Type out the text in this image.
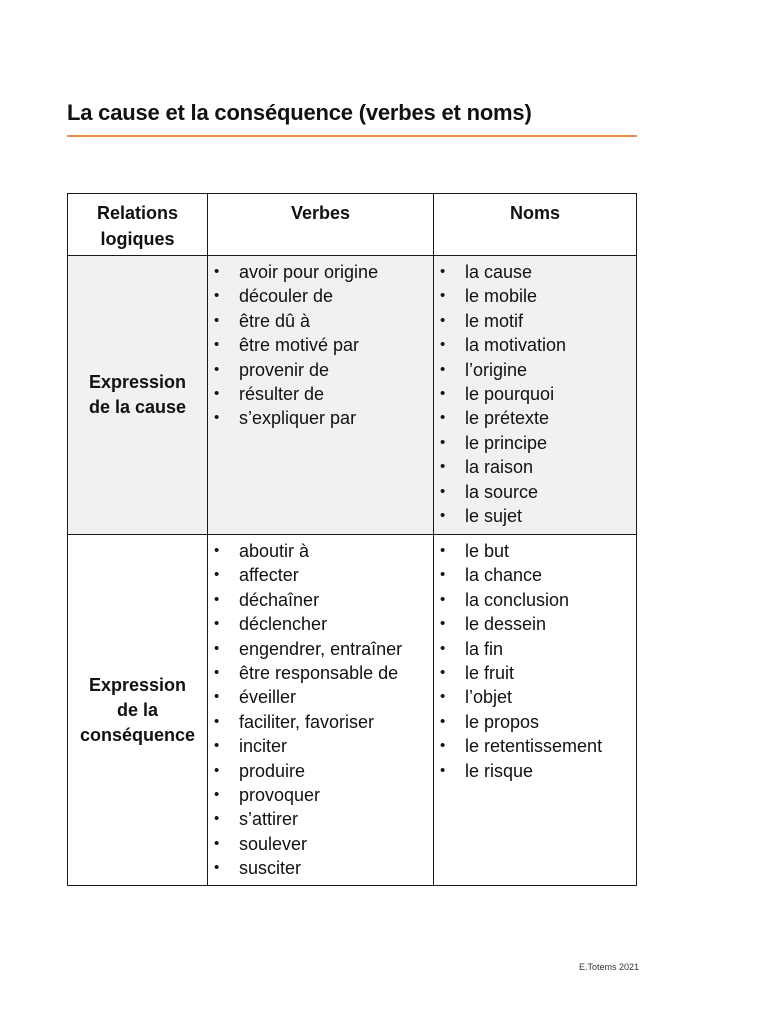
La cause et la conséquence (verbes et noms)
Relations
logiques
Verbes	Noms
Expression
de la cause
• avoir pour origine
• découler de
• être dû à
• être motivé par
• provenir de
• résulter de
• s’expliquer par
• la cause
• le mobile
• le motif
• la motivation
• l’origine
• le pourquoi
• le prétexte
• le principe
• la raison
• la source
• le sujet
Expression
de la
conséquence
• aboutir à
• affecter
• déchaîner
• déclencher
• engendrer, entraîner
• être responsable de
• éveiller
• faciliter, favoriser
• inciter
• produire
• provoquer
• s’attirer
• soulever
• susciter
• le but
• la chance
• la conclusion
• le dessein
• la fin
• le fruit
• l’objet
• le propos
• le retentissement
• le risque
E.Totems 2021
